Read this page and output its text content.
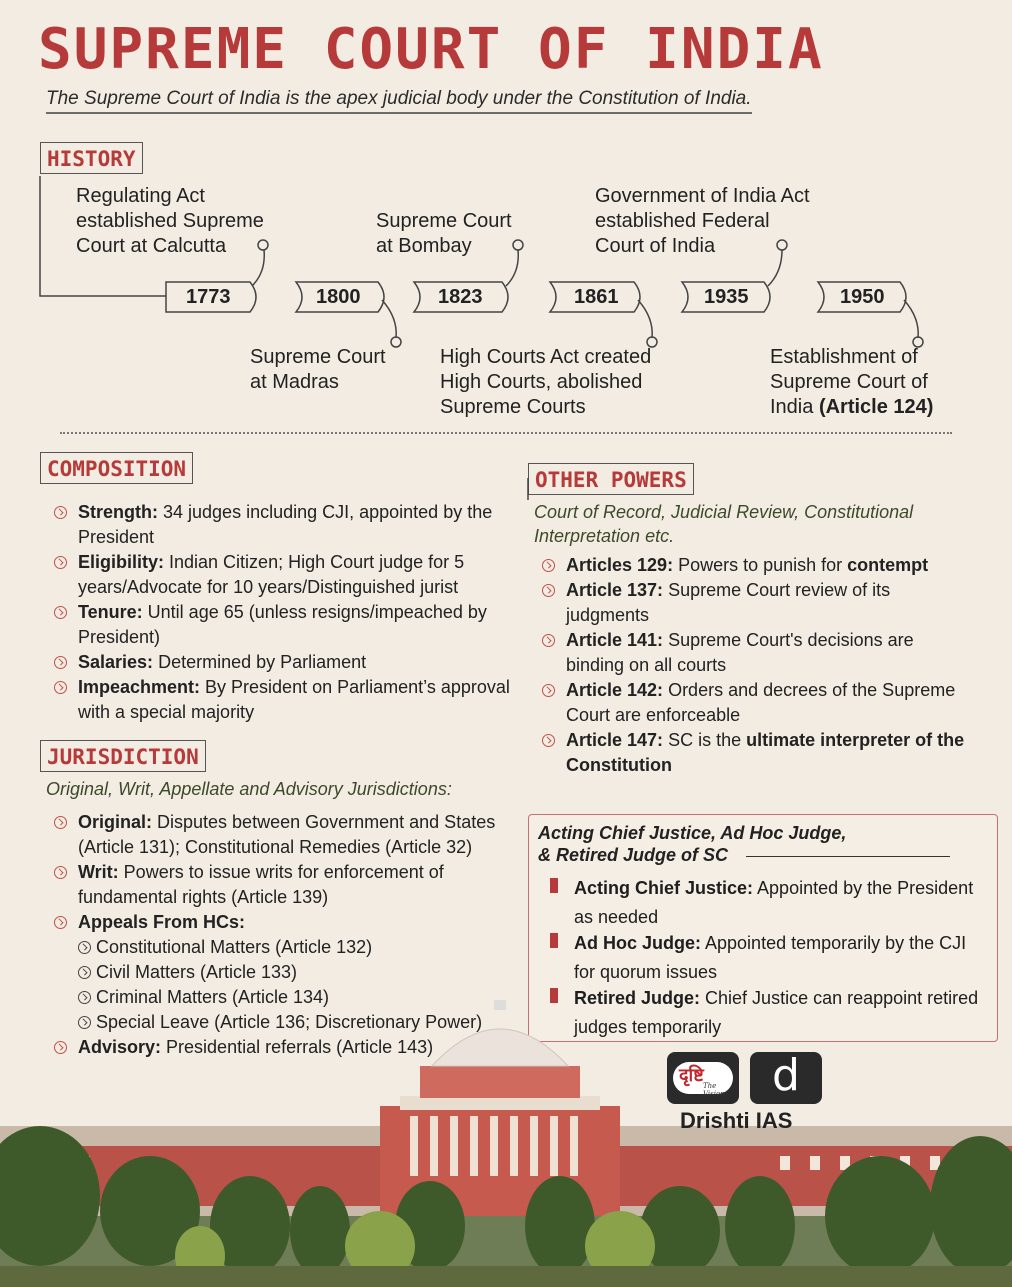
SUPREME COURT OF INDIA
The Supreme Court of India is the apex judicial body under the Constitution of India.
HISTORY
1773	1800	1823	1861	1935	1950
Regulating Act
established Supreme
Court at Calcutta
Supreme Court
at Bombay
Government of India Act
established Federal
Court of India
Supreme Court
at Madras
High Courts Act created
High Courts, abolished
Supreme Courts
Establishment of
Supreme Court of
India (Article 124)
COMPOSITION
Strength: 34 judges including CJI, appointed by the President
Eligibility: Indian Citizen; High Court judge for 5 years/Advocate for 10 years/Distinguished jurist
Tenure: Until age 65 (unless resigns/impeached by President)
Salaries: Determined by Parliament
Impeachment: By President on Parliament’s approval with a special majority
JURISDICTION
Original, Writ, Appellate and Advisory Jurisdictions:
Original: Disputes between Government and States (Article 131); Constitutional Remedies (Article 32)
Writ: Powers to issue writs for enforcement of fundamental rights (Article 139)
Appeals From HCs:
Constitutional Matters (Article 132)
Civil Matters (Article 133)
Criminal Matters (Article 134)
Special Leave (Article 136; Discretionary Power)
Advisory: Presidential referrals (Article 143)
OTHER POWERS
Court of Record, Judicial Review, Constitutional Interpretation etc.
Articles 129: Powers to punish for contempt
Article 137: Supreme Court review of its judgments
Article 141: Supreme Court's decisions are binding on all courts
Article 142: Orders and decrees of the Supreme Court are enforceable
Article 147: SC is the ultimate interpreter of the Constitution
Acting Chief Justice, Ad Hoc Judge,
& Retired Judge of SC
Acting Chief Justice: Appointed by the President as needed
Ad Hoc Judge: Appointed temporarily by the CJI for quorum issues
Retired Judge: Chief Justice can reappoint retired judges temporarily
दृष्टि The Vision	d
Drishti IAS
